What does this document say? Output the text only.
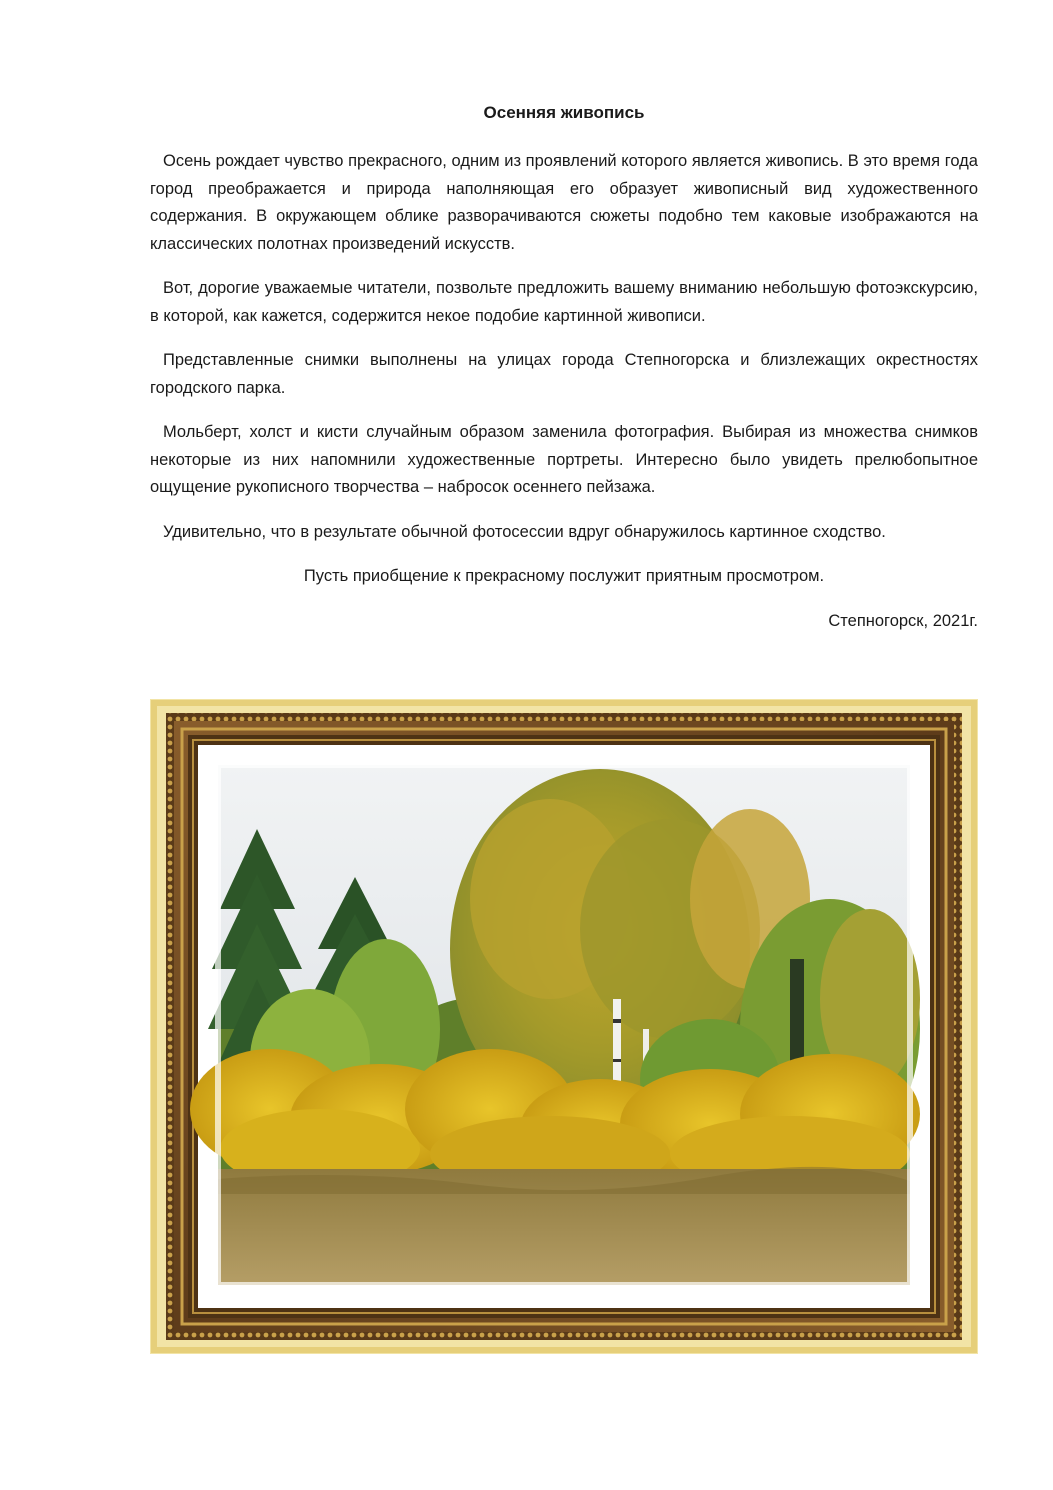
Осенняя живопись

Осень рождает чувство прекрасного, одним из проявлений которого является живопись. В это время года город преображается и природа наполняющая его образует живописный вид художественного содержания. В окружающем облике разворачиваются сюжеты подобно тем каковые изображаются на классических полотнах произведений искусств.

Вот, дорогие уважаемые читатели, позвольте предложить вашему вниманию небольшую фотоэкскурсию, в которой, как кажется, содержится некое подобие картинной живописи.

Представленные снимки выполнены на улицах города Степногорска и близлежащих окрестностях городского парка.

Мольберт, холст и кисти случайным образом заменила фотография. Выбирая из множества снимков некоторые из них напомнили художественные портреты. Интересно было увидеть прелюбопытное ощущение рукописного творчества – набросок осеннего пейзажа.

Удивительно, что в результате обычной фотосессии вдруг обнаружилось картинное сходство.

Пусть приобщение к прекрасному послужит приятным просмотром.

Степногорск, 2021г.
